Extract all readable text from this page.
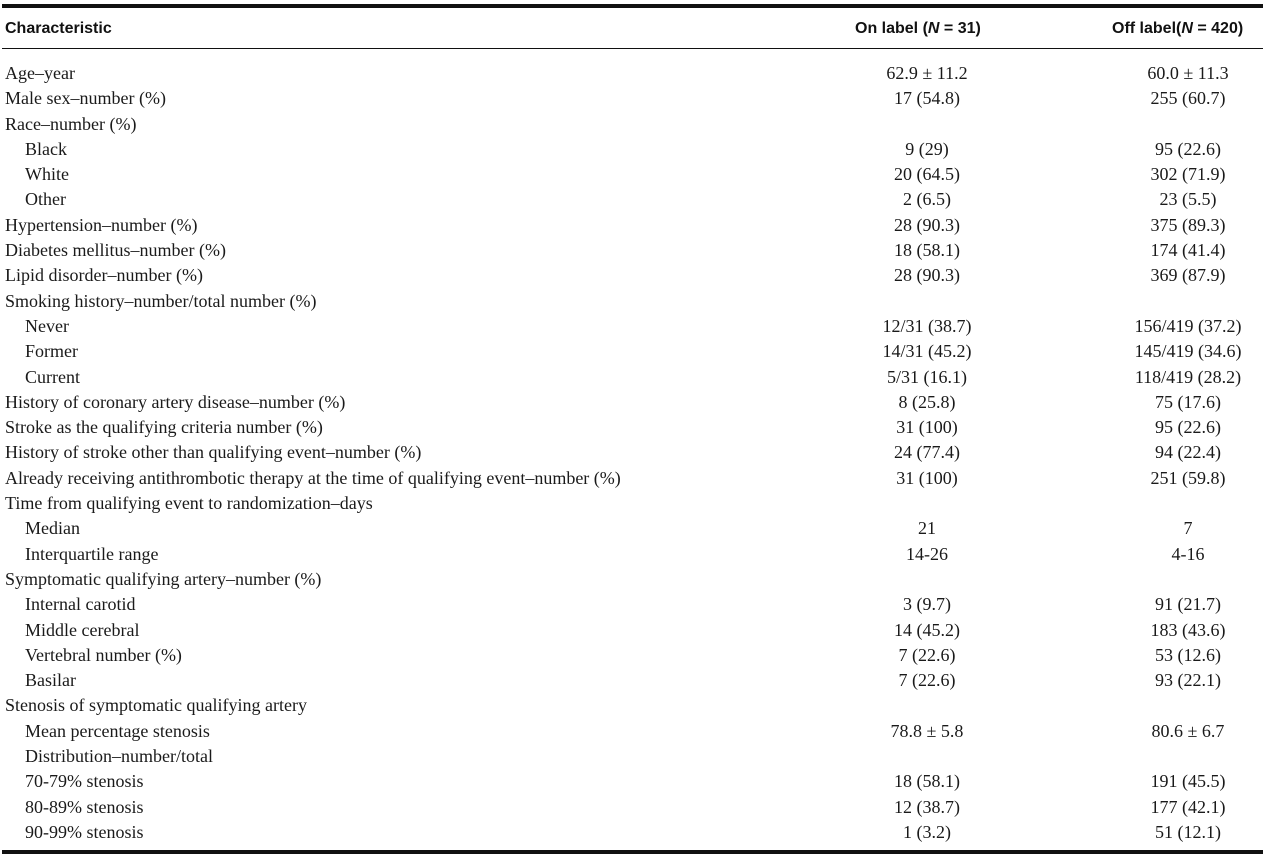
Characteristic	On label (N = 31)	Off label(N = 420)
Age–year	62.9 ± 11.2	60.0 ± 11.3
Male sex–number (%)	17 (54.8)	255 (60.7)
Race–number (%)
Black	9 (29)	95 (22.6)
White	20 (64.5)	302 (71.9)
Other	2 (6.5)	23 (5.5)
Hypertension–number (%)	28 (90.3)	375 (89.3)
Diabetes mellitus–number (%)	18 (58.1)	174 (41.4)
Lipid disorder–number (%)	28 (90.3)	369 (87.9)
Smoking history–number/total number (%)
Never	12/31 (38.7)	156/419 (37.2)
Former	14/31 (45.2)	145/419 (34.6)
Current	5/31 (16.1)	118/419 (28.2)
History of coronary artery disease–number (%)	8 (25.8)	75 (17.6)
Stroke as the qualifying criteria number (%)	31 (100)	95 (22.6)
History of stroke other than qualifying event–number (%)	24 (77.4)	94 (22.4)
Already receiving antithrombotic therapy at the time of qualifying event–number (%)	31 (100)	251 (59.8)
Time from qualifying event to randomization–days
Median	21	7
Interquartile range	14-26	4-16
Symptomatic qualifying artery–number (%)
Internal carotid	3 (9.7)	91 (21.7)
Middle cerebral	14 (45.2)	183 (43.6)
Vertebral number (%)	7 (22.6)	53 (12.6)
Basilar	7 (22.6)	93 (22.1)
Stenosis of symptomatic qualifying artery
Mean percentage stenosis	78.8 ± 5.8	80.6 ± 6.7
Distribution–number/total
70-79% stenosis	18 (58.1)	191 (45.5)
80-89% stenosis	12 (38.7)	177 (42.1)
90-99% stenosis	1 (3.2)	51 (12.1)
